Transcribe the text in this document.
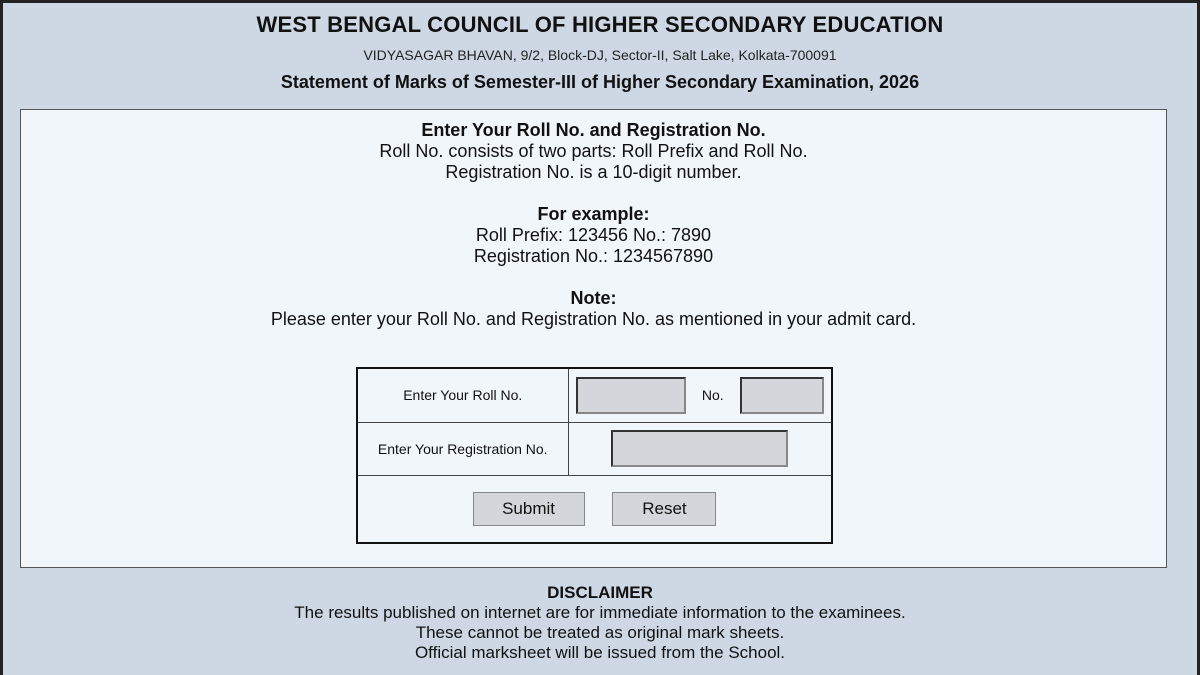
WEST BENGAL COUNCIL OF HIGHER SECONDARY EDUCATION
VIDYASAGAR BHAVAN, 9/2, Block-DJ, Sector-II, Salt Lake, Kolkata-700091
Statement of Marks of Semester-III of Higher Secondary Examination, 2026
Enter Your Roll No. and Registration No.
Roll No. consists of two parts: Roll Prefix and Roll No.
Registration No. is a 10-digit number.
For example:
Roll Prefix: 123456 No.: 7890
Registration No.: 1234567890
Note:
Please enter your Roll No. and Registration No. as mentioned in your admit card.
Enter Your Roll No.	No.
Enter Your Registration No.	
Submit Reset	
DISCLAIMER
The results published on internet are for immediate information to the examinees.
These cannot be treated as original mark sheets.
Official marksheet will be issued from the School.
